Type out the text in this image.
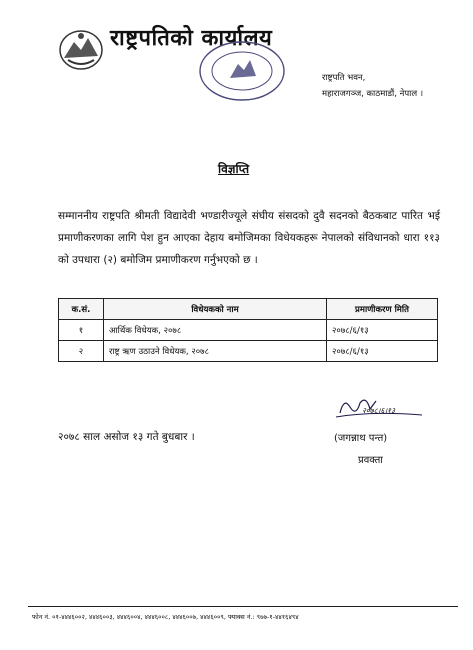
राष्ट्रपतिको कार्यालय
राष्ट्रपति भवन,
महाराजगञ्ज, काठमाडौं, नेपाल ।
विज्ञप्ति
सम्माननीय राष्ट्रपति श्रीमती विद्यादेवी भण्डारीज्यूले संघीय संसदको दुवै सदनको बैठकबाट पारित भई प्रमाणीकरणका लागि पेश हुन आएका देहाय बमोजिमका विधेयकहरू नेपालको संविधानको धारा ११३ को उपधारा (२) बमोजिम प्रमाणीकरण गर्नुभएको छ ।
क.सं.	विधेयकको नाम	प्रमाणीकरण मिति
१	आर्थिक विधेयक, २०७८	२०७८/६/१३
२	राष्ट्र ऋण उठाउने विधेयक, २०७८	२०७८/६/१३
२०७८।६।१३
२०७८ साल असोज १३ गते बुधबार ।	(जगन्नाथ पन्त)
प्रवक्ता
फोन नं. ०१-४४४६००२, ४४४६००३, ४४४६००४, ४४४६००८, ४४४६००७, ४४४६००९, फ्याक्स नं.: ९७७-१-४४१६४९४
